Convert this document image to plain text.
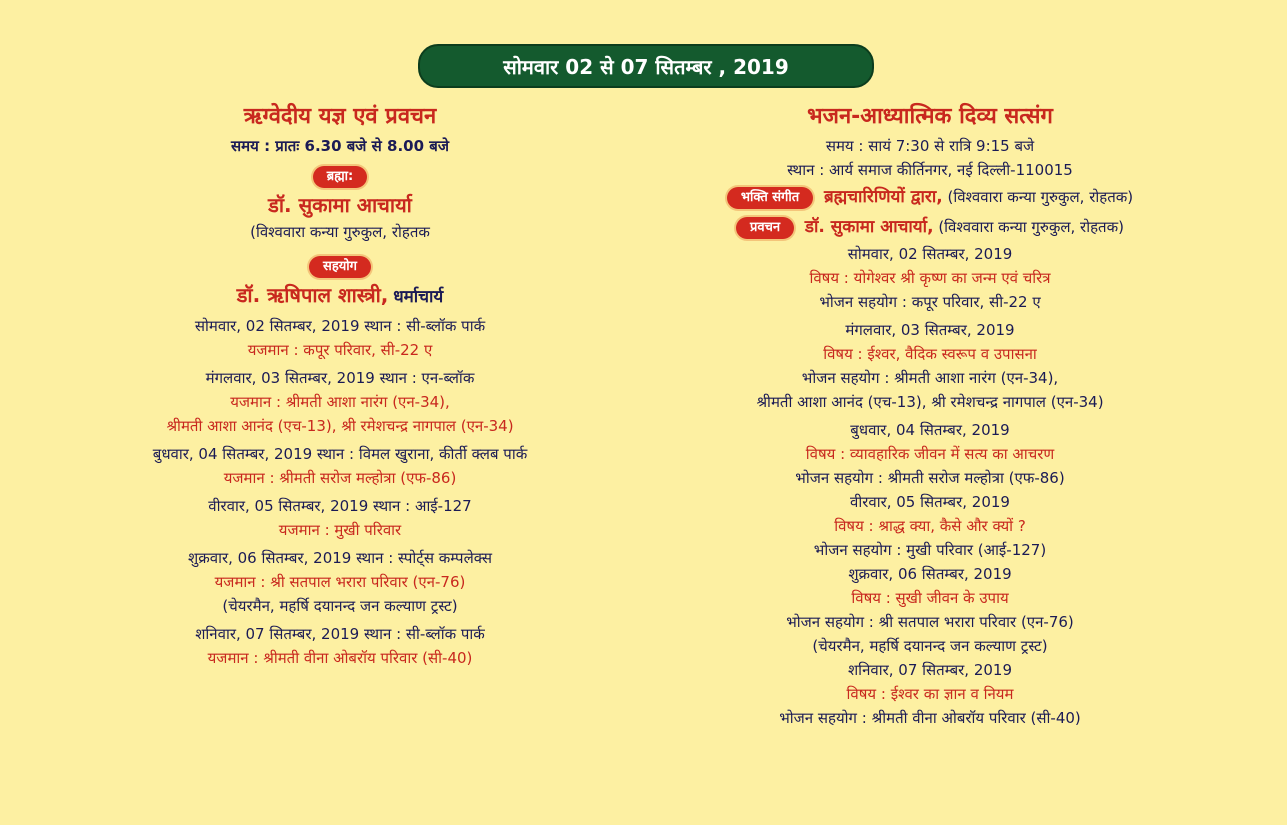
सोमवार 02 से 07 सितम्बर , 2019
ऋग्वेदीय यज्ञ एवं प्रवचन
समय : प्रातः 6.30 बजे से 8.00 बजे
ब्रह्मा:
डॉ. सुकामा आचार्या
(विश्ववारा कन्या गुरुकुल, रोहतक
सहयोग
डॉ. ऋषिपाल शास्त्री, धर्माचार्य
सोमवार, 02 सितम्बर, 2019 स्थान : सी-ब्लॉक पार्क
यजमान : कपूर परिवार, सी-22 ए
मंगलवार, 03 सितम्बर, 2019 स्थान : एन-ब्लॉक
यजमान : श्रीमती आशा नारंग (एन-34),
श्रीमती आशा आनंद (एच-13), श्री रमेशचन्द्र नागपाल (एन-34)
बुधवार, 04 सितम्बर, 2019 स्थान : विमल खुराना, कीर्ती क्लब पार्क
यजमान : श्रीमती सरोज मल्होत्रा (एफ-86)
वीरवार, 05 सितम्बर, 2019 स्थान : आई-127
यजमान : मुखी परिवार
शुक्रवार, 06 सितम्बर, 2019 स्थान : स्पोर्ट्स कम्पलेक्स
यजमान : श्री सतपाल भरारा परिवार (एन-76)
(चेयरमैन, महर्षि दयानन्द जन कल्याण ट्रस्ट)
शनिवार, 07 सितम्बर, 2019 स्थान : सी-ब्लॉक पार्क
यजमान : श्रीमती वीना ओबरॉय परिवार (सी-40)
भजन-आध्यात्मिक दिव्य सत्संग
समय : सायं 7:30 से रात्रि 9:15 बजे
स्थान : आर्य समाज कीर्तिनगर, नई दिल्ली-110015
भक्ति संगीत ब्रह्मचारिणियों द्वारा, (विश्ववारा कन्या गुरुकुल, रोहतक)
प्रवचन डॉ. सुकामा आचार्या, (विश्ववारा कन्या गुरुकुल, रोहतक)
सोमवार, 02 सितम्बर, 2019
विषय : योगेश्वर श्री कृष्ण का जन्म एवं चरित्र
भोजन सहयोग : कपूर परिवार, सी-22 ए
मंगलवार, 03 सितम्बर, 2019
विषय : ईश्वर, वैदिक स्वरूप व उपासना
भोजन सहयोग : श्रीमती आशा नारंग (एन-34),
श्रीमती आशा आनंद (एच-13), श्री रमेशचन्द्र नागपाल (एन-34)
बुधवार, 04 सितम्बर, 2019
विषय : व्यावहारिक जीवन में सत्य का आचरण
भोजन सहयोग : श्रीमती सरोज मल्होत्रा (एफ-86)
वीरवार, 05 सितम्बर, 2019
विषय : श्राद्ध क्या, कैसे और क्यों ?
भोजन सहयोग : मुखी परिवार (आई-127)
शुक्रवार, 06 सितम्बर, 2019
विषय : सुखी जीवन के उपाय
भोजन सहयोग : श्री सतपाल भरारा परिवार (एन-76)
(चेयरमैन, महर्षि दयानन्द जन कल्याण ट्रस्ट)
शनिवार, 07 सितम्बर, 2019
विषय : ईश्वर का ज्ञान व नियम
भोजन सहयोग : श्रीमती वीना ओबरॉय परिवार (सी-40)
